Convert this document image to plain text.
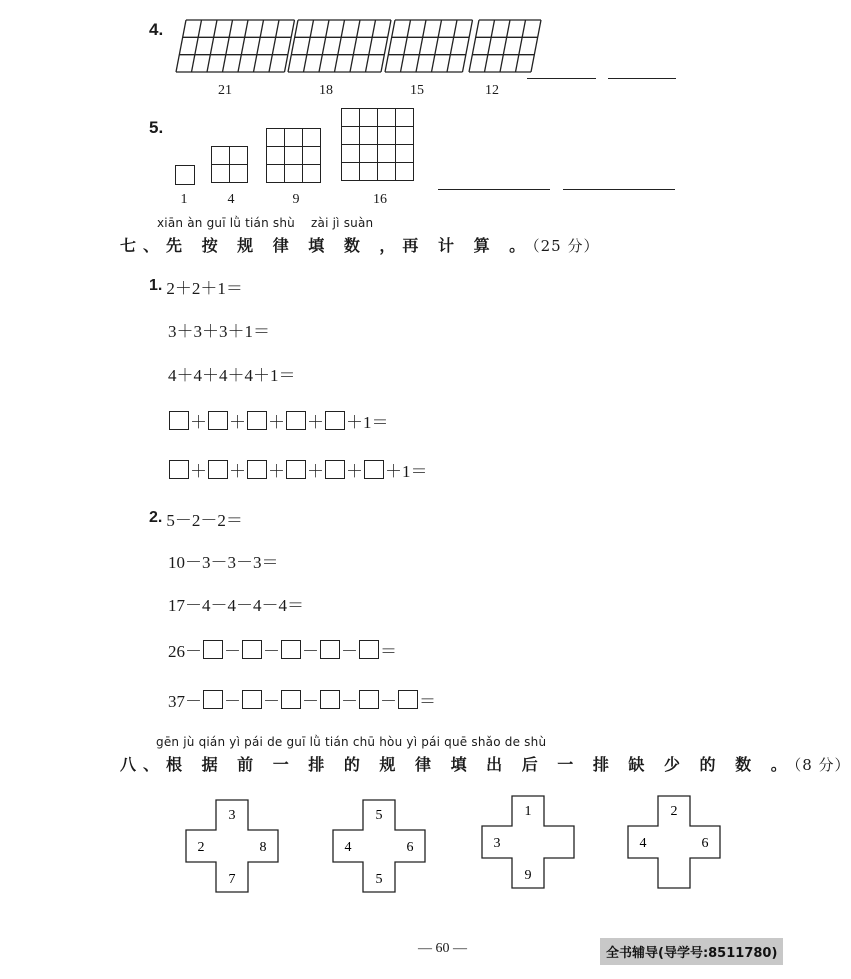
4.
21	18	15	12
5.

1	4	9	16
xiān àn guī lǜ tián shù    zài jì suàn
七、先 按 规 律 填 数 ，再 计 算 。（25 分）
1. 2＋2＋1＝
3＋3＋3＋1＝
4＋4＋4＋4＋1＝
＋ ＋ ＋ ＋ ＋1＝
＋ ＋ ＋ ＋ ＋ ＋1＝
2. 5－2－2＝
10－3－3－3＝
17－4－4－4－4＝
26－ － － － － ＝
37－ － － － － － ＝
gēn jù qián yì pái de guī lǜ tián chū hòu yì pái quē shǎo de shù
八、根 据 前 一 排 的 规 律 填 出 后 一 排 缺 少 的 数 。（8 分）
3
2	8
7
5
4	6
5
1
3
9
2
4	6
— 60 —	全书辅导(导学号:8511780)
